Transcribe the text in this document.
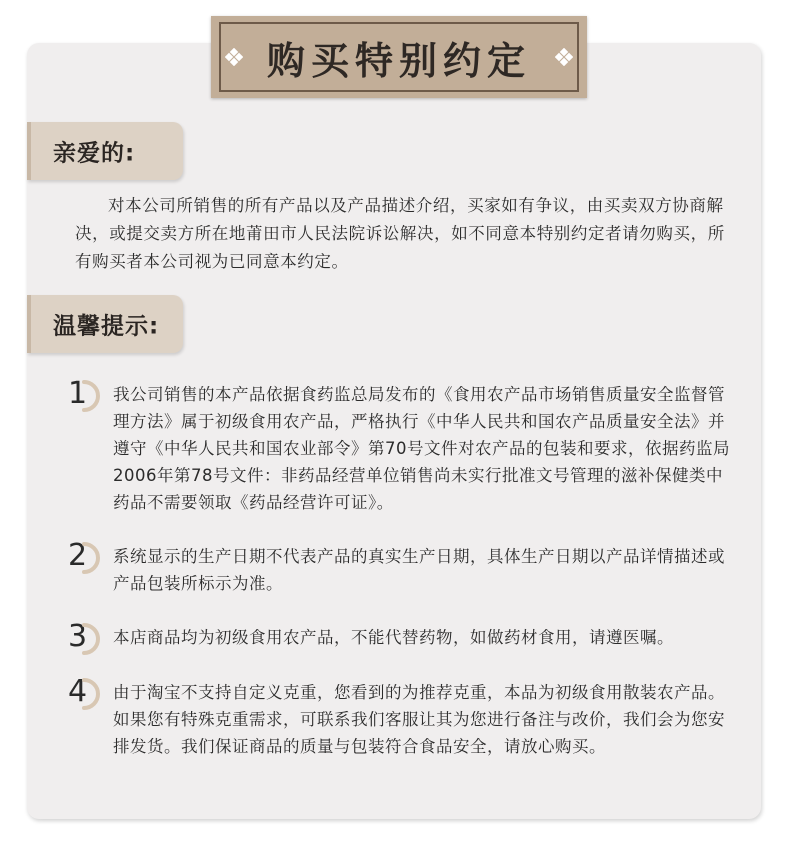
购买特别约定
亲爱的:
对本公司所销售的所有产品以及产品描述介绍，买家如有争议，由买卖双方协商解决，或提交卖方所在地莆田市人民法院诉讼解决，如不同意本特别约定者请勿购买，所有购买者本公司视为已同意本约定。
温馨提示:
1 我公司销售的本产品依据食药监总局发布的《食用农产品市场销售质量安全监督管理方法》属于初级食用农产品，严格执行《中华人民共和国农产品质量安全法》并遵守《中华人民共和国农业部令》第70号文件对农产品的包装和要求，依据药监局2006年第78号文件：非药品经营单位销售尚未实行批准文号管理的滋补保健类中药品不需要领取《药品经营许可证》。
2 系统显示的生产日期不代表产品的真实生产日期，具体生产日期以产品详情描述或产品包装所标示为准。
3 本店商品均为初级食用农产品，不能代替药物，如做药材食用，请遵医嘱。
4 由于淘宝不支持自定义克重，您看到的为推荐克重，本品为初级食用散装农产品。如果您有特殊克重需求，可联系我们客服让其为您进行备注与改价，我们会为您安排发货。我们保证商品的质量与包装符合食品安全，请放心购买。
